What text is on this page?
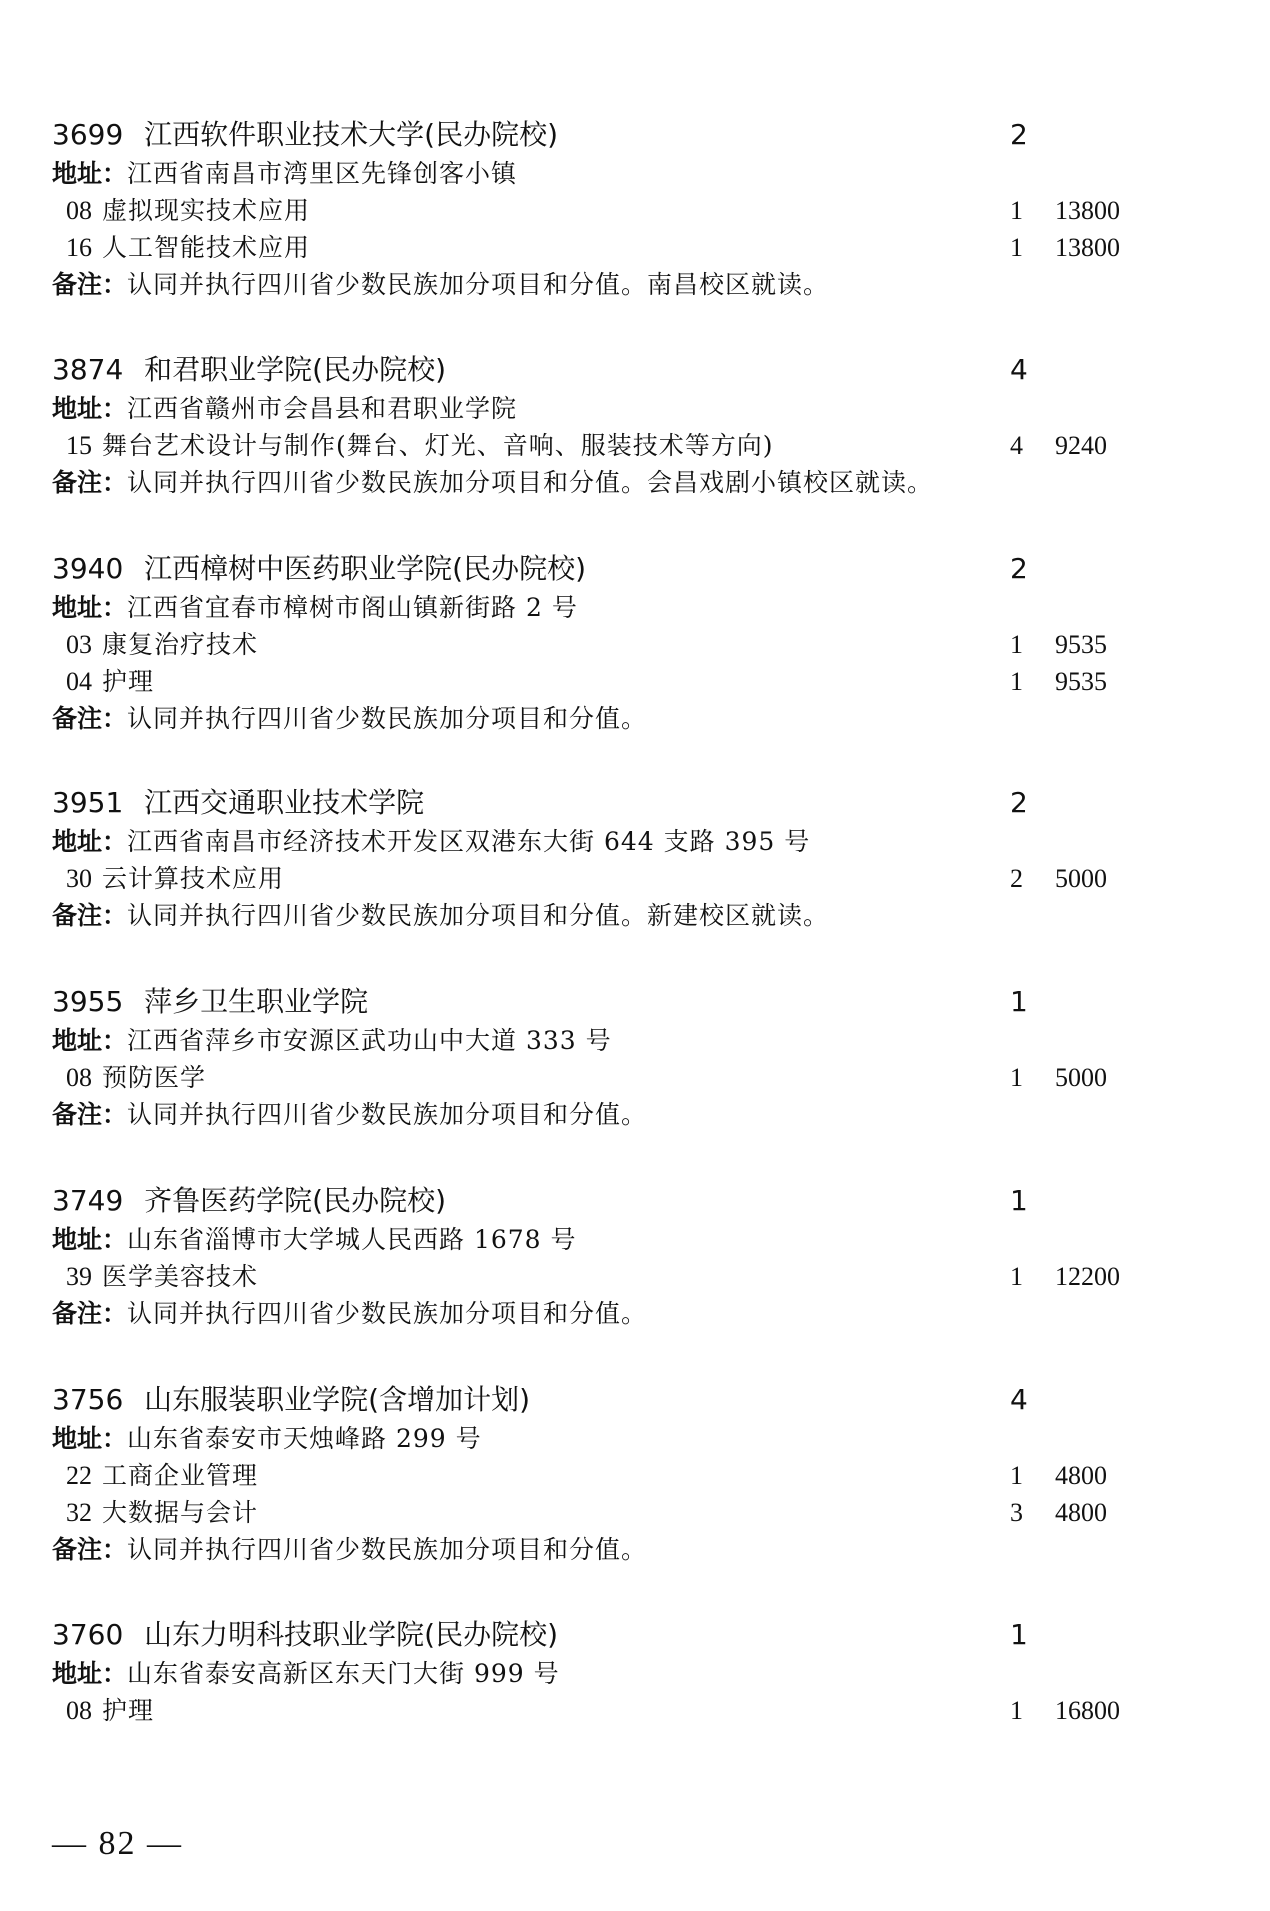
3699 江西软件职业技术大学(民办院校)	2
地址：江西省南昌市湾里区先锋创客小镇
08 虚拟现实技术应用	1 13800
16 人工智能技术应用	1 13800
备注：认同并执行四川省少数民族加分项目和分值。南昌校区就读。
3874 和君职业学院(民办院校)	4
地址：江西省赣州市会昌县和君职业学院
15 舞台艺术设计与制作(舞台、灯光、音响、服装技术等方向)	4 9240
备注：认同并执行四川省少数民族加分项目和分值。会昌戏剧小镇校区就读。
3940 江西樟树中医药职业学院(民办院校)	2
地址：江西省宜春市樟树市阁山镇新街路 2 号
03 康复治疗技术	1 9535
04 护理	1 9535
备注：认同并执行四川省少数民族加分项目和分值。
3951 江西交通职业技术学院	2
地址：江西省南昌市经济技术开发区双港东大街 644 支路 395 号
30 云计算技术应用	2 5000
备注：认同并执行四川省少数民族加分项目和分值。新建校区就读。
3955 萍乡卫生职业学院	1
地址：江西省萍乡市安源区武功山中大道 333 号
08 预防医学	1 5000
备注：认同并执行四川省少数民族加分项目和分值。
3749 齐鲁医药学院(民办院校)	1
地址：山东省淄博市大学城人民西路 1678 号
39 医学美容技术	1 12200
备注：认同并执行四川省少数民族加分项目和分值。
3756 山东服装职业学院(含增加计划)	4
地址：山东省泰安市天烛峰路 299 号
22 工商企业管理	1 4800
32 大数据与会计	3 4800
备注：认同并执行四川省少数民族加分项目和分值。
3760 山东力明科技职业学院(民办院校)	1
地址：山东省泰安高新区东天门大街 999 号
08 护理	1 16800
— 82 —
